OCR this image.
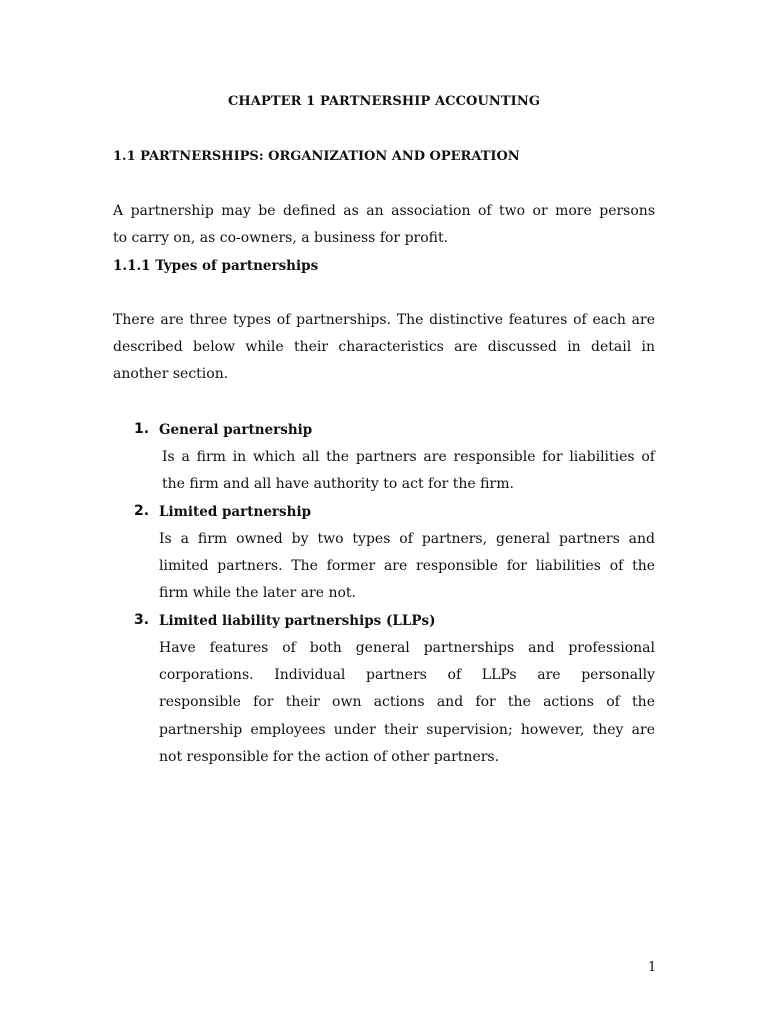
CHAPTER 1 PARTNERSHIP ACCOUNTING
1.1 PARTNERSHIPS: ORGANIZATION AND OPERATION
A partnership may be defined as an association of two or more persons
to carry on, as co-owners, a business for profit.
1.1.1 Types of partnerships
There are three types of partnerships. The distinctive features of each are
described below while their characteristics are discussed in detail in
another section.
1. General partnership
Is a firm in which all the partners are responsible for liabilities of
the firm and all have authority to act for the firm.
2. Limited partnership
Is a firm owned by two types of partners, general partners and
limited partners. The former are responsible for liabilities of the
firm while the later are not.
3. Limited liability partnerships (LLPs)
Have features of both general partnerships and professional
corporations. Individual partners of LLPs are personally
responsible for their own actions and for the actions of the
partnership employees under their supervision; however, they are
not responsible for the action of other partners.
1
